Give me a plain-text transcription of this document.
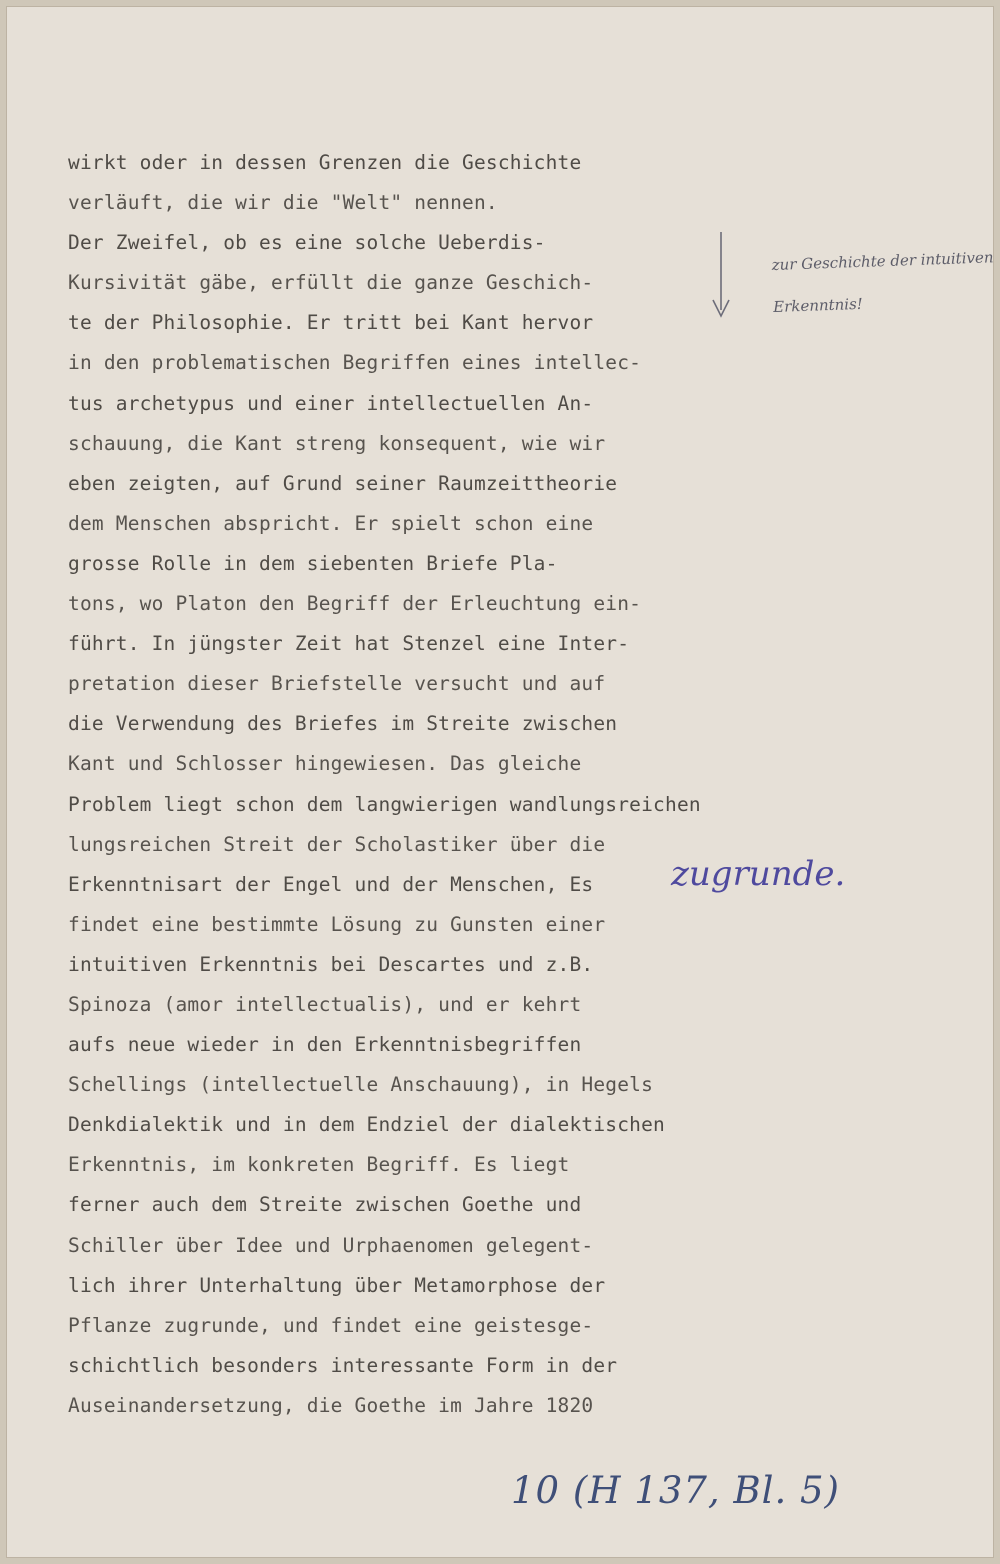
wirkt oder in dessen Grenzen die Geschichte
verläuft, die wir die "Welt" nennen.
Der Zweifel, ob es eine solche Ueberdis-
Kursivität gäbe, erfüllt die ganze Geschich-
te der Philosophie. Er tritt bei Kant hervor
in den problematischen Begriffen eines intellec-
tus archetypus und einer intellectuellen An-
schauung, die Kant streng konsequent, wie wir
eben zeigten, auf Grund seiner Raumzeittheorie
dem Menschen abspricht. Er spielt schon eine
grosse Rolle in dem siebenten Briefe Pla-
tons, wo Platon den Begriff der Erleuchtung ein-
führt. In jüngster Zeit hat Stenzel eine Inter-
pretation dieser Briefstelle versucht und auf
die Verwendung des Briefes im Streite zwischen
Kant und Schlosser hingewiesen. Das gleiche
Problem liegt schon dem langwierigen wandlungsreichen
lungsreichen Streit der Scholastiker über die
Erkenntnisart der Engel und der Menschen, Es
findet eine bestimmte Lösung zu Gunsten einer
intuitiven Erkenntnis bei Descartes und z.B.
Spinoza (amor intellectualis), und er kehrt
aufs neue wieder in den Erkenntnisbegriffen
Schellings (intellectuelle Anschauung), in Hegels
Denkdialektik und in dem Endziel der dialektischen
Erkenntnis, im konkreten Begriff. Es liegt
ferner auch dem Streite zwischen Goethe und
Schiller über Idee und Urphaenomen gelegent-
lich ihrer Unterhaltung über Metamorphose der
Pflanze zugrunde, und findet eine geistesge-
schichtlich besonders interessante Form in der
Auseinandersetzung, die Goethe im Jahre 1820
zur Geschichte der intuitiven Erkenntnis!
zugrunde.
10 (H 137, Bl. 5)
